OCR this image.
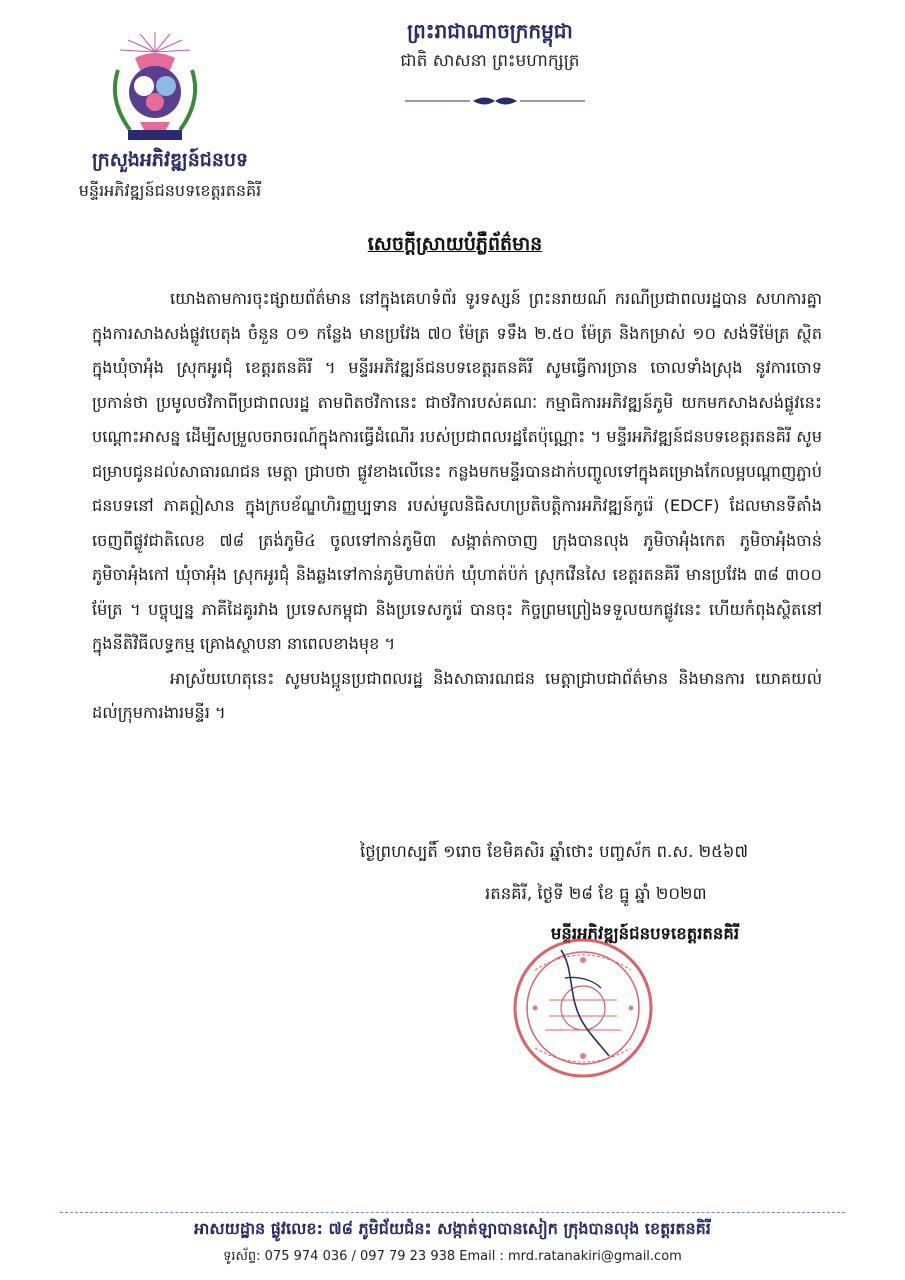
ព្រះរាជាណាចក្រកម្ពុជា
ជាតិ សាសនា ព្រះមហាក្សត្រ
ក្រសួងអភិវឌ្ឍន៍ជនបទ
មន្ទីរអភិវឌ្ឍន៍ជនបទខេត្តរតនគិរី
សេចក្តីស្រាយបំភ្លឺព័ត៌មាន

យោងតាមការចុះផ្សាយព័ត៌មាន នៅក្នុងគេហទំព័រ ទូរទស្សន៍ ព្រះនរាយណ៍ ករណីប្រជាពលរដ្ឋបាន សហការគ្នា ក្នុងការសាងសង់ផ្លូវបេតុង ចំនួន ០១ កន្លែង មានប្រវែង ៧០ ម៉ែត្រ ទទឹង ២.៥០ ម៉ែត្រ និងកម្រាស់ ១០ សង់ទីម៉ែត្រ ស្ថិតក្នុងឃុំចាអុំង ស្រុកអូរជុំ ខេត្តរតនគិរី ។ មន្ទីរអភិវឌ្ឍន៍ជនបទខេត្តរតនគិរី សូមធ្វើការច្រាន ចោលទាំងស្រុង នូវការចោទប្រកាន់ថា ប្រមូលថវិកាពីប្រជាពលរដ្ឋ តាមពិតថវិកានេះ ជាថវិការបស់គណៈ កម្មាធិការអភិវឌ្ឍន៍ភូមិ យកមកសាងសង់ផ្លូវនេះបណ្តោះអាសន្ន ដើម្បីសម្រួលចរាចរណ៍ក្នុងការធ្វើដំណើរ របស់ប្រជាពលរដ្ឋតែប៉ុណ្ណោះ ។ មន្ទីរអភិវឌ្ឍន៍ជនបទខេត្តរតនគិរី សូមជម្រាបជូនដល់សាធារណជន មេត្តា ជ្រាបថា ផ្លូវខាងលើនេះ កន្លងមកមន្ទីរបានដាក់បញ្ចូលទៅក្នុងគម្រោងកែលម្អបណ្តាញភ្ជាប់ជនបទនៅ ភាគឦសាន ក្នុងក្របខ័ណ្ឌហិរញ្ញប្បទាន របស់មូលនិធិសហប្រតិបត្តិការអភិវឌ្ឍន៍កូរ៉េ (EDCF) ដែលមានទីតាំង ចេញពីផ្លូវជាតិលេខ ៧៨ ត្រង់ភូមិ៤ ចូលទៅកាន់ភូមិ៣ សង្កាត់កាចាញ ក្រុងបានលុង ភូមិចាអុំងកេត ភូមិចាអុំងចាន់ ភូមិចាអុំងកៅ ឃុំចាអុំង ស្រុកអូរជុំ និងឆ្លងទៅកាន់ភូមិហាត់ប៉ក់ ឃុំហាត់ប៉ក់ ស្រុកវើនសៃ ខេត្តរតនគិរី មានប្រវែង ៣៨ ៣០០ ម៉ែត្រ ។ បច្ចុប្បន្ន ភាគីដៃគូរវាង ប្រទេសកម្ពុជា និងប្រទេសកូរ៉េ បានចុះ កិច្ចព្រមព្រៀងទទួលយកផ្លូវនេះ ហើយកំពុងស្ថិតនៅក្នុងនីតិវិធីលទ្ធកម្ម គ្រោងស្ថាបនា នាពេលខាងមុខ ។

អាស្រ័យហេតុនេះ សូមបងប្អូនប្រជាពលរដ្ឋ និងសាធារណជន មេត្តាជ្រាបជាព័ត៌មាន និងមានការ យោគយល់ដល់ក្រុមការងារមន្ទីរ ។

ថ្ងៃព្រហស្បតិ៍ ១រោច ខែមិគសិរ ឆ្នាំថោះ បញ្ចស័ក ព.ស. ២៥៦៧
រតនគិរី, ថ្ងៃទី ២៨ ខែ ធ្នូ ឆ្នាំ ២០២៣
មន្ទីរអភិវឌ្ឍន៍ជនបទខេត្តរតនគិរី
អាសយដ្ឋាន ផ្លូវលេខ: ៧៨ ភូមិជ័យជំនះ សង្កាត់ឡាបានសៀក ក្រុងបានលុង ខេត្តរតនគិរី
ទូរស័ព្ទ: 075 974 036 / 097 79 23 938 Email : mrd.ratanakiri@gmail.com
